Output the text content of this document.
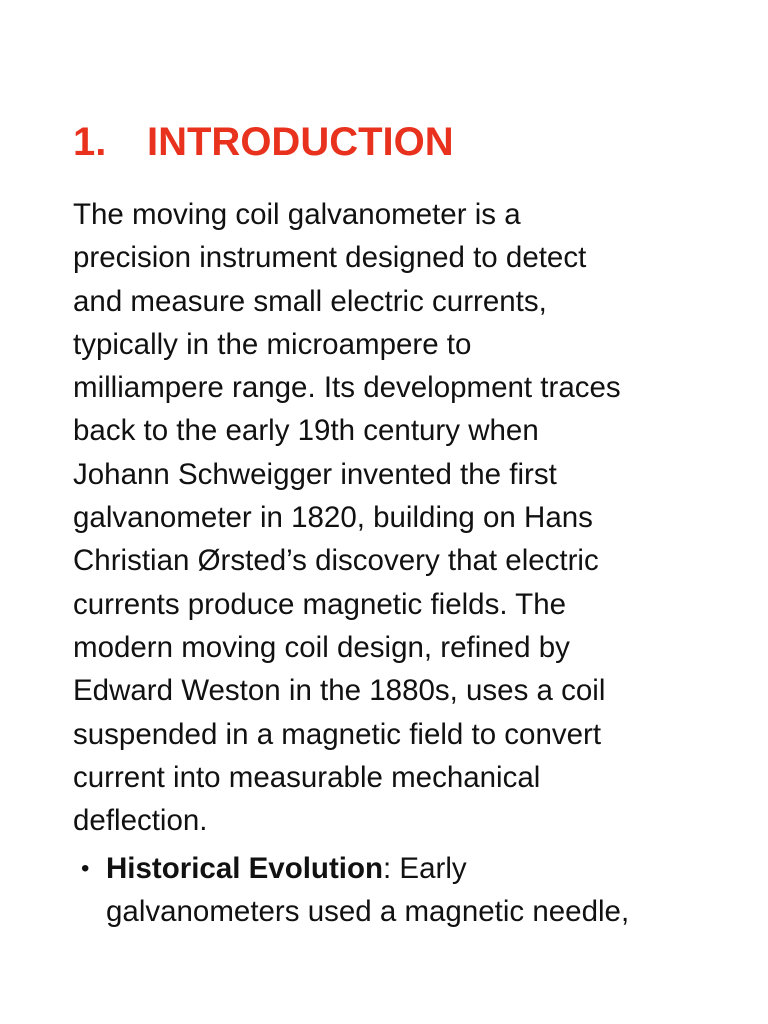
1. INTRODUCTION

The moving coil galvanometer is a
precision instrument designed to detect
and measure small electric currents,
typically in the microampere to
milliampere range. Its development traces
back to the early 19th century when
Johann Schweigger invented the first
galvanometer in 1820, building on Hans
Christian Ørsted’s discovery that electric
currents produce magnetic fields. The
modern moving coil design, refined by
Edward Weston in the 1880s, uses a coil
suspended in a magnetic field to convert
current into measurable mechanical
deflection.

• Historical Evolution: Early
galvanometers used a magnetic needle,
